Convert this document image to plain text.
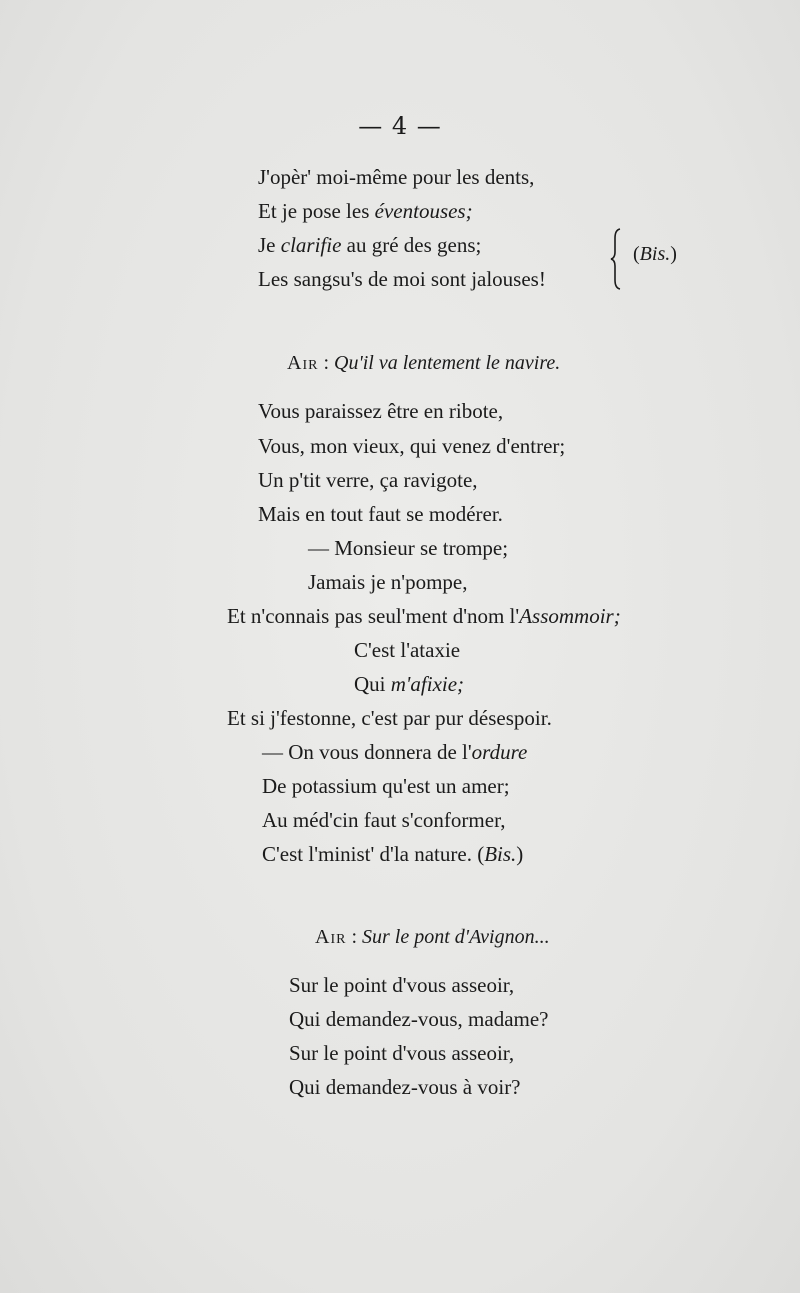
— 4 —
J'opèr' moi-même pour les dents,
Et je pose les éventouses;
Je clarifie au gré des gens;
Les sangsu's de moi sont jalouses!
(Bis.)
Air : Qu'il va lentement le navire.
Vous paraissez être en ribote,
Vous, mon vieux, qui venez d'entrer;
Un p'tit verre, ça ravigote,
Mais en tout faut se modérer.
— Monsieur se trompe;
Jamais je n'pompe,
Et n'connais pas seul'ment d'nom l'Assommoir;
C'est l'ataxie
Qui m'afixie;
Et si j'festonne, c'est par pur désespoir.
— On vous donnera de l'ordure
De potassium qu'est un amer;
Au méd'cin faut s'conformer,
C'est l'minist' d'la nature. (Bis.)
Air : Sur le pont d'Avignon...
Sur le point d'vous asseoir,
Qui demandez-vous, madame?
Sur le point d'vous asseoir,
Qui demandez-vous à voir?
